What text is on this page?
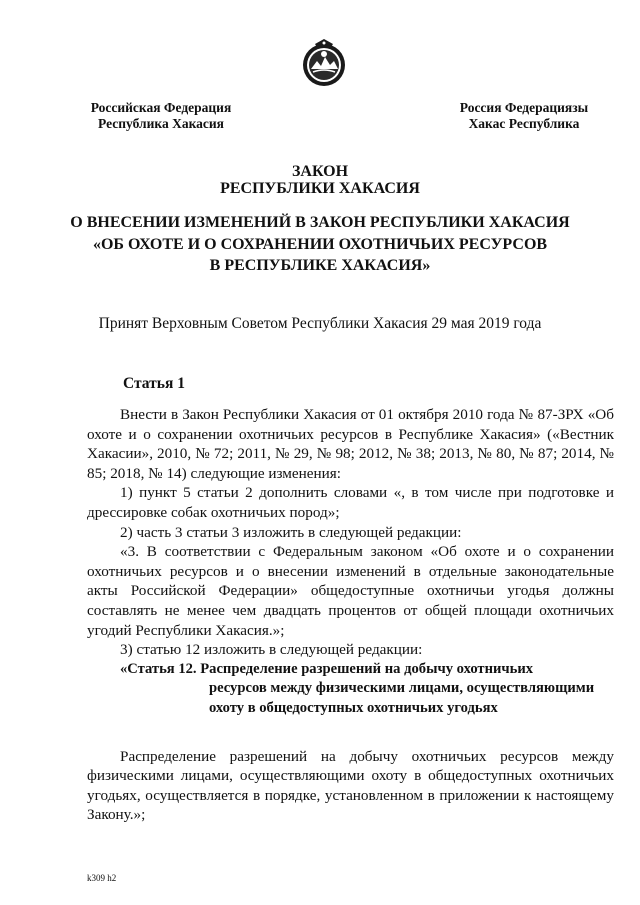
Российская Федерация
Республика Хакасия
Россия Федерациязы
Хакас Республика
ЗАКОН
РЕСПУБЛИКИ ХАКАСИЯ
О ВНЕСЕНИИ ИЗМЕНЕНИЙ В ЗАКОН РЕСПУБЛИКИ ХАКАСИЯ
«ОБ ОХОТЕ И О СОХРАНЕНИИ ОХОТНИЧЬИХ РЕСУРСОВ
В РЕСПУБЛИКЕ ХАКАСИЯ»
Принят Верховным Советом Республики Хакасия 29 мая 2019 года
Статья 1

Внести в Закон Республики Хакасия от 01 октября 2010 года № 87-ЗРХ «Об охоте и о сохранении охотничьих ресурсов в Республике Хакасия» («Вестник Хакасии», 2010, № 72; 2011, № 29, № 98; 2012, № 38; 2013, № 80, № 87; 2014, № 85; 2018, № 14) следующие изменения:

1) пункт 5 статьи 2 дополнить словами «, в том числе при подготовке и дрессировке собак охотничьих пород»;

2) часть 3 статьи 3 изложить в следующей редакции:

«3. В соответствии с Федеральным законом «Об охоте и о сохранении охотничьих ресурсов и о внесении изменений в отдельные законодательные акты Российской Федерации» общедоступные охотничьи угодья должны составлять не менее чем двадцать процентов от общей площади охотничьих угодий Республики Хакасия.»;

3) статью 12 изложить в следующей редакции:

«Статья 12. Распределение разрешений на добычу охотничьих
ресурсов между физическими лицами, осуществляющими охоту в общедоступных охотничьих угодьях

Распределение разрешений на добычу охотничьих ресурсов между физическими лицами, осуществляющими охоту в общедоступных охотничьих угодьях, осуществляется в порядке, установленном в приложении к настоящему Закону.»;

k309 h2
